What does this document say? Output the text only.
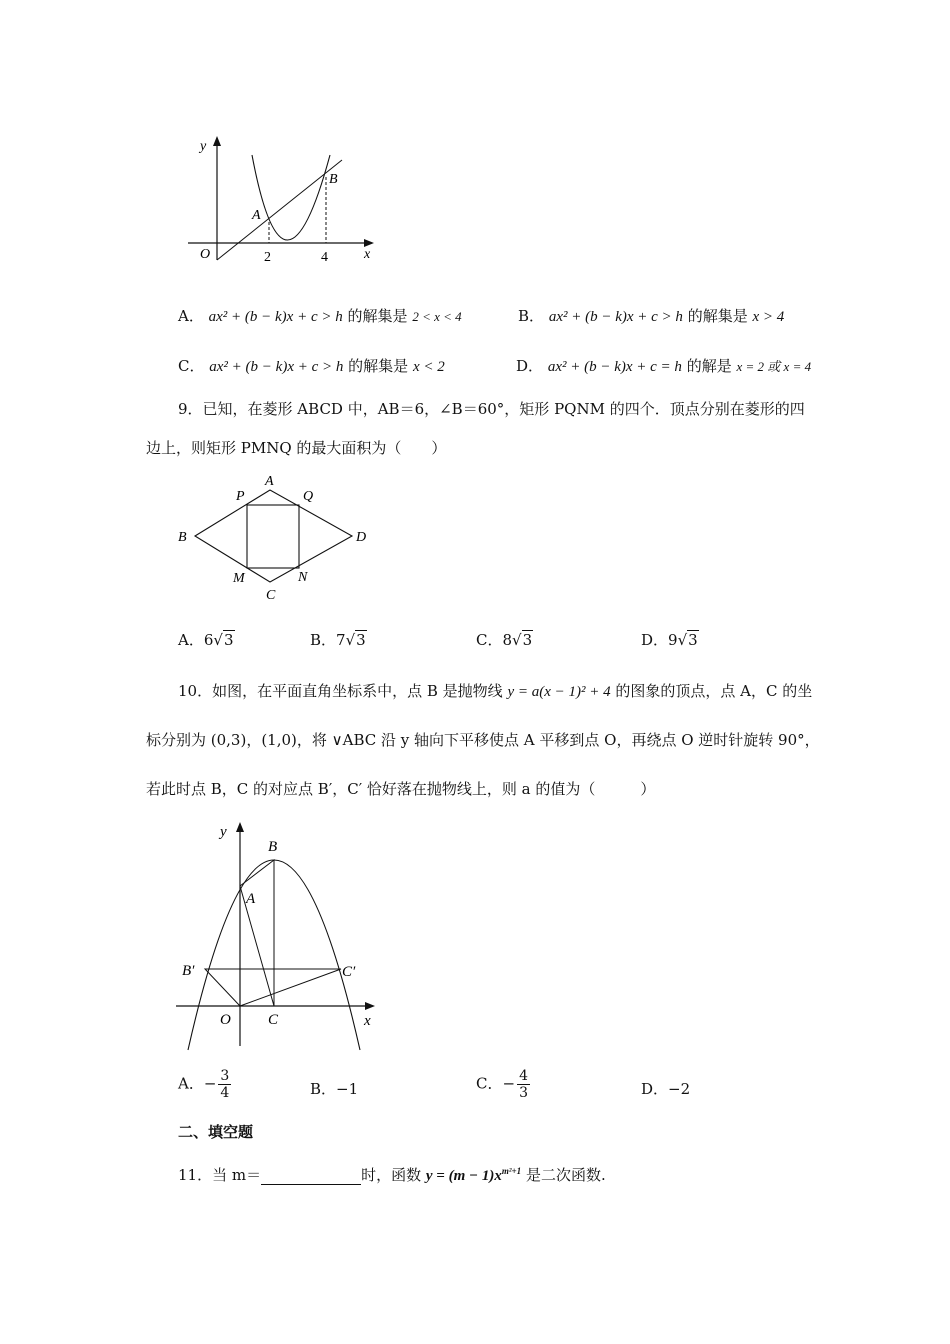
y
x
O
A
B
2	4
A． ax² + (b − k)x + c > h 的解集是 2 < x < 4	B． ax² + (b − k)x + c > h 的解集是 x > 4
C． ax² + (b − k)x + c > h 的解集是 x < 2	D． ax² + (b − k)x + c = h 的解是 x = 2 或 x = 4
9．已知，在菱形 ABCD 中，AB＝6，∠B＝60°，矩形 PQNM 的四个．顶点分别在菱形的四
边上，则矩形 PMNQ 的最大面积为（　　）
A
B
C
D
P	Q
M	N
A．6√3	B．7√3	C．8√3	D．9√3
10．如图，在平面直角坐标系中，点 B 是抛物线 y = a(x − 1)² + 4 的图象的顶点，点 A，C 的坐
标分别为 (0,3)，(1,0)，将 ∨ABC 沿 y 轴向下平移使点 A 平移到点 O，再绕点 O 逆时针旋转 90°，
若此时点 B，C 的对应点 B′，C′ 恰好落在抛物线上，则 a 的值为（　　　）
y
x
O
A
B
C
B′	C′
A．− $\frac{3}{4}$	B．−1	C．− $\frac{4}{3}$	D．−2
二、填空题
11．当 m＝	时，函数 $y = (m - 1)x^{m^2+1}$ 是二次函数.
